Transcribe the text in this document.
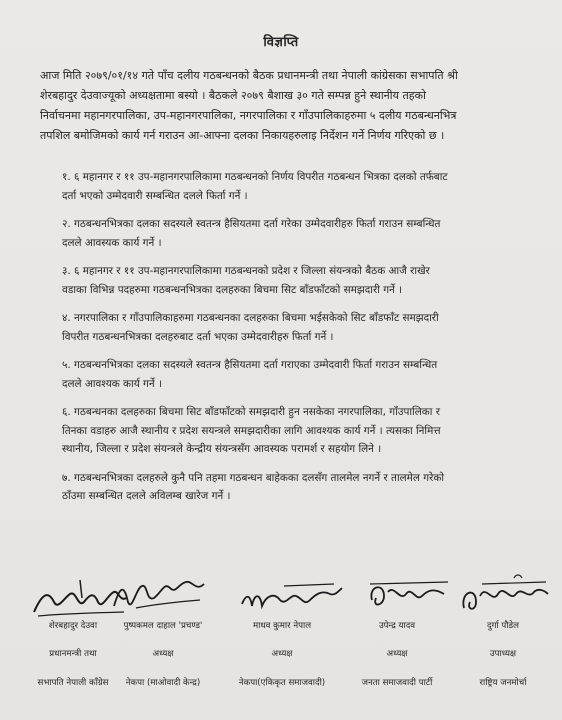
विज्ञप्ति

आज मिति २०७९/०१/१४ गते पाँच दलीय गठबन्धनको बैठक प्रधानमन्त्री तथा नेपाली कांग्रेसका सभापति श्री

शेरबहादुर देउवाज्यूको अध्यक्षतामा बस्यो । बैठकले २०७९ बैशाख ३० गते सम्पन्न हुने स्थानीय तहको

निर्वाचनमा महानगरपालिका, उप-महानगरपालिका, नगरपालिका र गाँउपालिकाहरुमा ५ दलीय गठबन्धनभित्र

तपशिल बमोजिमको कार्य गर्न गराउन आ-आफ्ना दलका निकायहरुलाइ निर्देशन गर्ने निर्णय गरिएको छ ।

१. ६ महानगर र ११ उप-महानगरपालिकामा गठबन्धनको निर्णय विपरीत गठबन्धन भित्रका दलको तर्फबाट

दर्ता भएको उम्मेदवारी सम्बन्धित दलले फिर्ता गर्ने ।

२. गठबन्धनभित्रका दलका सदस्यले स्वतन्त्र हैसियतमा दर्ता गरेका उम्मेदवारीहरु फिर्ता गराउन सम्बन्धित

दलले आवस्यक कार्य गर्ने ।

३. ६ महानगर र ११ उप-महानगरपालिकामा गठबन्धनको प्रदेश र जिल्ला संयन्त्रको बैठक आजै राखेर

वडाका विभिन्न पदहरुमा गठबन्धनभित्रका दलहरुका बिचमा सिट बाँडफाँटको समझदारी गर्ने ।

४. नगरपालिका र गाँउपालिकाहरुमा गठबन्धनका दलहरुका बिचमा भईसकेको सिट बाँडफाँट समझदारी

विपरीत गठबन्धनभित्रका दलहरुबाट दर्ता भएका उम्मेदवारीहरु फिर्ता गर्ने ।

५. गठबन्धनभित्रका दलका सदस्यले स्वतन्त्र हैसियतमा दर्ता गराएका उम्मेदवारी फिर्ता गराउन सम्बन्धित

दलले आवश्यक कार्य गर्ने ।

६. गठबन्धनका दलहरुका बिचमा सिट बाँडफाँटको समझदारी हुन नसकेका नगरपालिका, गाँउपालिका र

तिनका वडाहरु आजै स्थानीय र प्रदेश सयन्त्रले समझदारीका लागि आवश्यक कार्य गर्ने । त्यसका निमित्त

स्थानीय, जिल्ला र प्रदेश संयन्त्रले केन्द्रीय संयन्त्रसँग आवस्यक परामर्श र सहयोग लिने ।

७. गठबन्धनभित्रका दलहरुले कुनै पनि तहमा गठबन्धन बाहेकका दलसँग तालमेल नगर्ने र तालमेल गरेको

ठाँउमा सम्बन्धित दलले अविलम्ब खारेज गर्ने ।

शेरबहादुर देउवा
प्रधानमन्त्री तथा
सभापति नेपाली काँग्रेस
पुष्पकमल दाहाल 'प्रचण्ड'
अध्यक्ष
नेकपा (माओवादी केन्द्र)
माधव कुमार नेपाल
अध्यक्ष
नेकपा(एकिकृत समाजवादी)
उपेन्द्र यादव
अध्यक्ष
जनता समाजवादी पार्टी
दुर्गा पौडेल
उपाध्यक्ष
राष्ट्रिय जनमोर्चा
